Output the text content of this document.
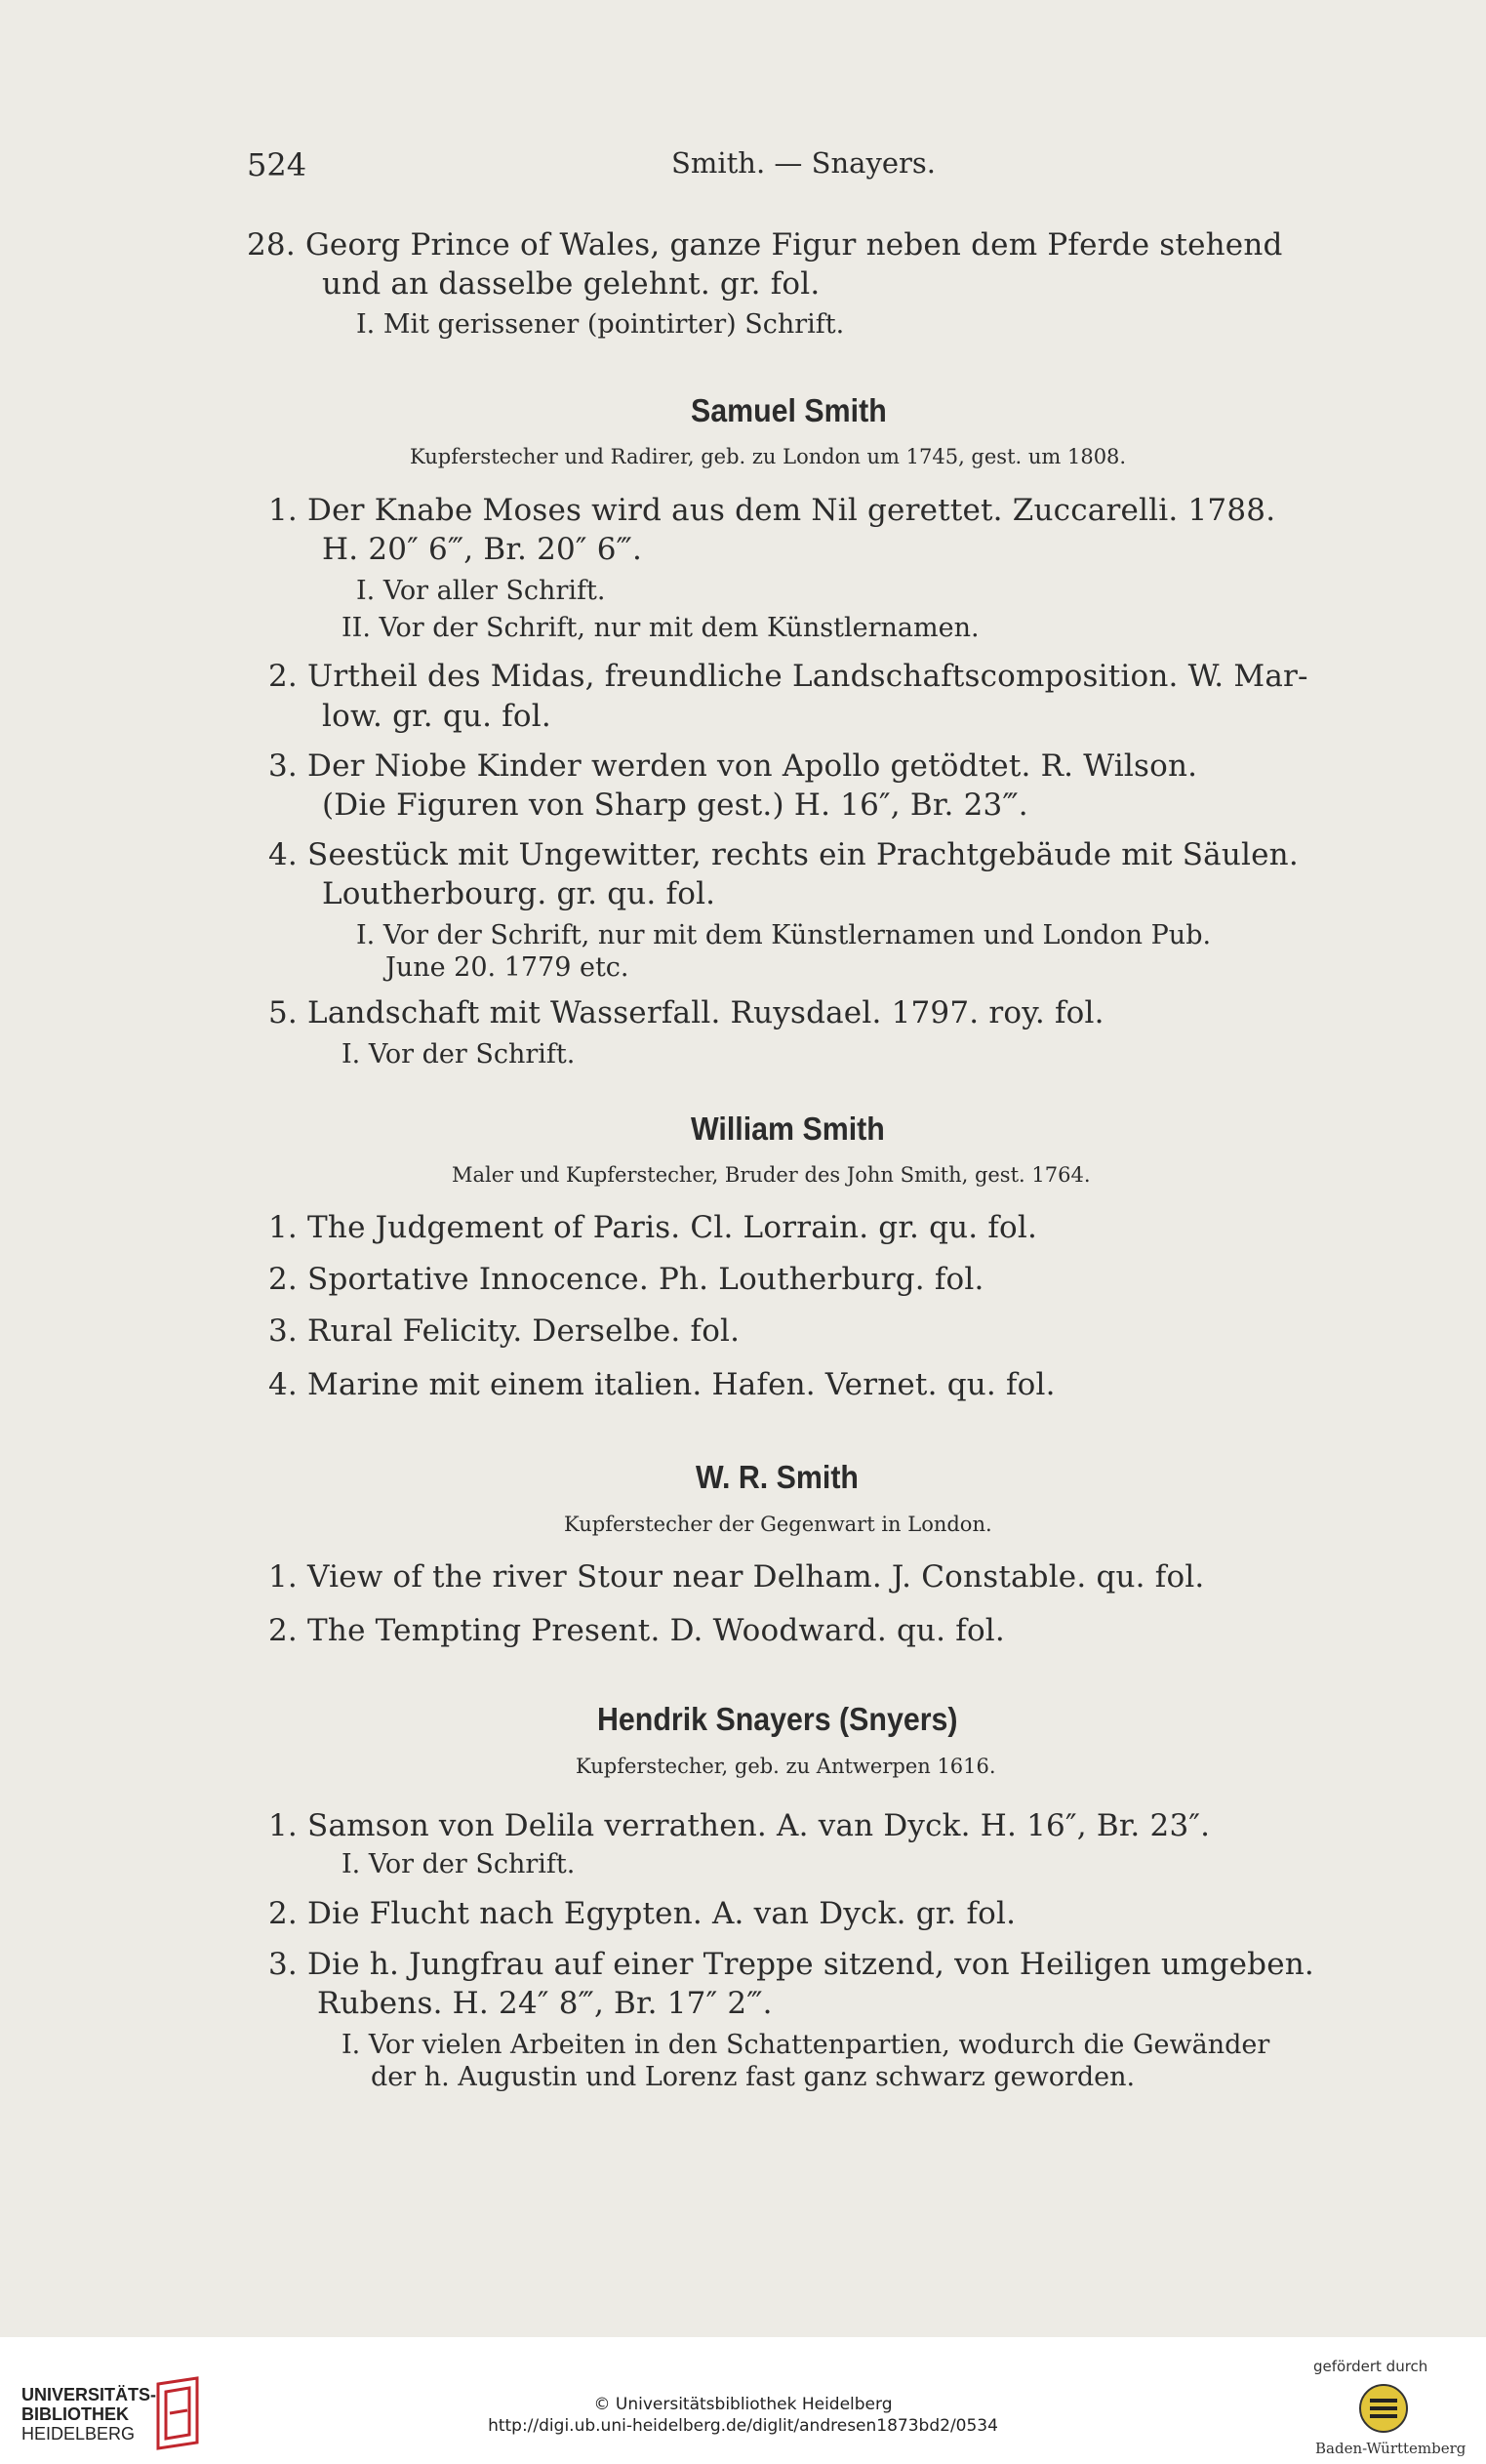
524	Smith. — Snayers.
28. Georg Prince of Wales, ganze Figur neben dem Pferde stehend
und an dasselbe gelehnt. gr. fol.
I. Mit gerissener (pointirter) Schrift.
Samuel Smith
Kupferstecher und Radirer, geb. zu London um 1745, gest. um 1808.
1. Der Knabe Moses wird aus dem Nil gerettet. Zuccarelli. 1788.
H. 20″ 6‴, Br. 20″ 6‴.
I. Vor aller Schrift.
II. Vor der Schrift, nur mit dem Künstlernamen.
2. Urtheil des Midas, freundliche Landschaftscomposition. W. Mar-
low. gr. qu. fol.
3. Der Niobe Kinder werden von Apollo getödtet. R. Wilson.
(Die Figuren von Sharp gest.) H. 16″, Br. 23‴.
4. Seestück mit Ungewitter, rechts ein Prachtgebäude mit Säulen.
Loutherbourg. gr. qu. fol.
I. Vor der Schrift, nur mit dem Künstlernamen und London Pub.
June 20. 1779 etc.
5. Landschaft mit Wasserfall. Ruysdael. 1797. roy. fol.
I. Vor der Schrift.
William Smith
Maler und Kupferstecher, Bruder des John Smith, gest. 1764.
1. The Judgement of Paris. Cl. Lorrain. gr. qu. fol.
2. Sportative Innocence. Ph. Loutherburg. fol.
3. Rural Felicity. Derselbe. fol.
4. Marine mit einem italien. Hafen. Vernet. qu. fol.
W. R. Smith
Kupferstecher der Gegenwart in London.
1. View of the river Stour near Delham. J. Constable. qu. fol.
2. The Tempting Present. D. Woodward. qu. fol.
Hendrik Snayers (Snyers)
Kupferstecher, geb. zu Antwerpen 1616.
1. Samson von Delila verrathen. A. van Dyck. H. 16″, Br. 23″.
I. Vor der Schrift.
2. Die Flucht nach Egypten. A. van Dyck. gr. fol.
3. Die h. Jungfrau auf einer Treppe sitzend, von Heiligen umgeben.
Rubens. H. 24″ 8‴, Br. 17″ 2‴.
I. Vor vielen Arbeiten in den Schattenpartien, wodurch die Gewänder
der h. Augustin und Lorenz fast ganz schwarz geworden.
UNIVERSITÄTS-
BIBLIOTHEK
HEIDELBERG
© Universitätsbibliothek Heidelberg
http://digi.ub.uni-heidelberg.de/diglit/andresen1873bd2/0534
gefördert durch
Baden-Württemberg
